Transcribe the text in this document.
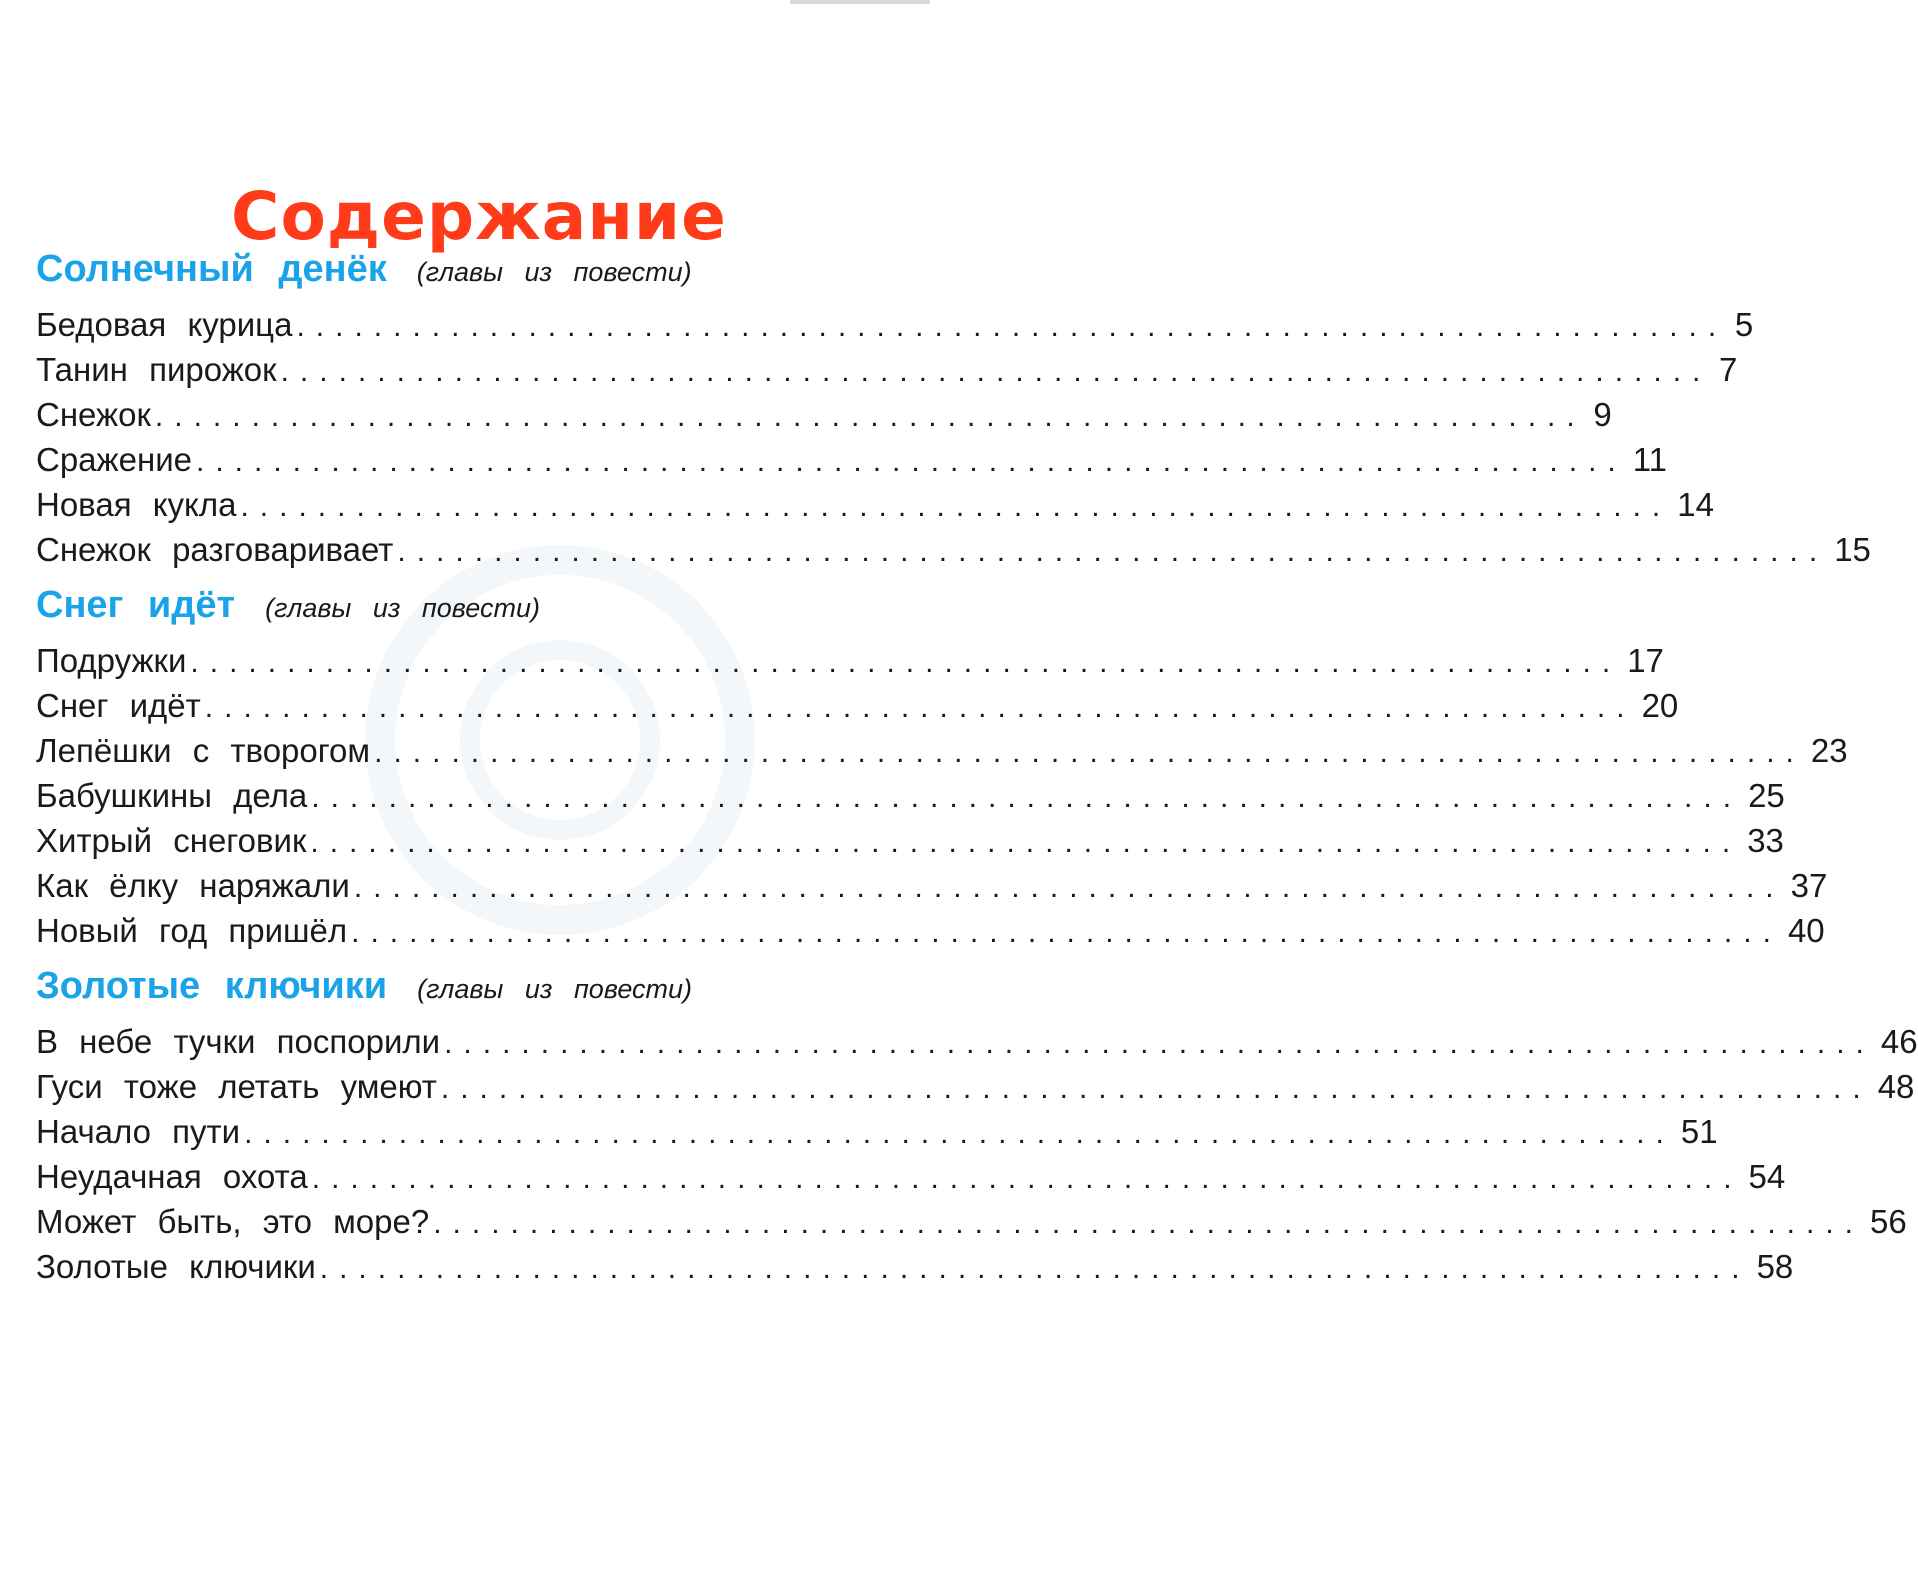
Содержание
Солнечный денёк (главы из повести)
Бедовая курица .......................................................................... 5
Танин пирожок .......................................................................... 7
Снежок .......................................................................... 9
Сражение .......................................................................... 11
Новая кукла .......................................................................... 14
Снежок разговаривает .......................................................................... 15
Снег идёт (главы из повести)
Подружки .......................................................................... 17
Снег идёт .......................................................................... 20
Лепёшки с творогом .......................................................................... 23
Бабушкины дела .......................................................................... 25
Хитрый снеговик .......................................................................... 33
Как ёлку наряжали .......................................................................... 37
Новый год пришёл .......................................................................... 40
Золотые ключики (главы из повести)
В небе тучки поспорили .......................................................................... 46
Гуси тоже летать умеют .......................................................................... 48
Начало пути .......................................................................... 51
Неудачная охота .......................................................................... 54
Может быть, это море? .......................................................................... 56
Золотые ключики .......................................................................... 58
